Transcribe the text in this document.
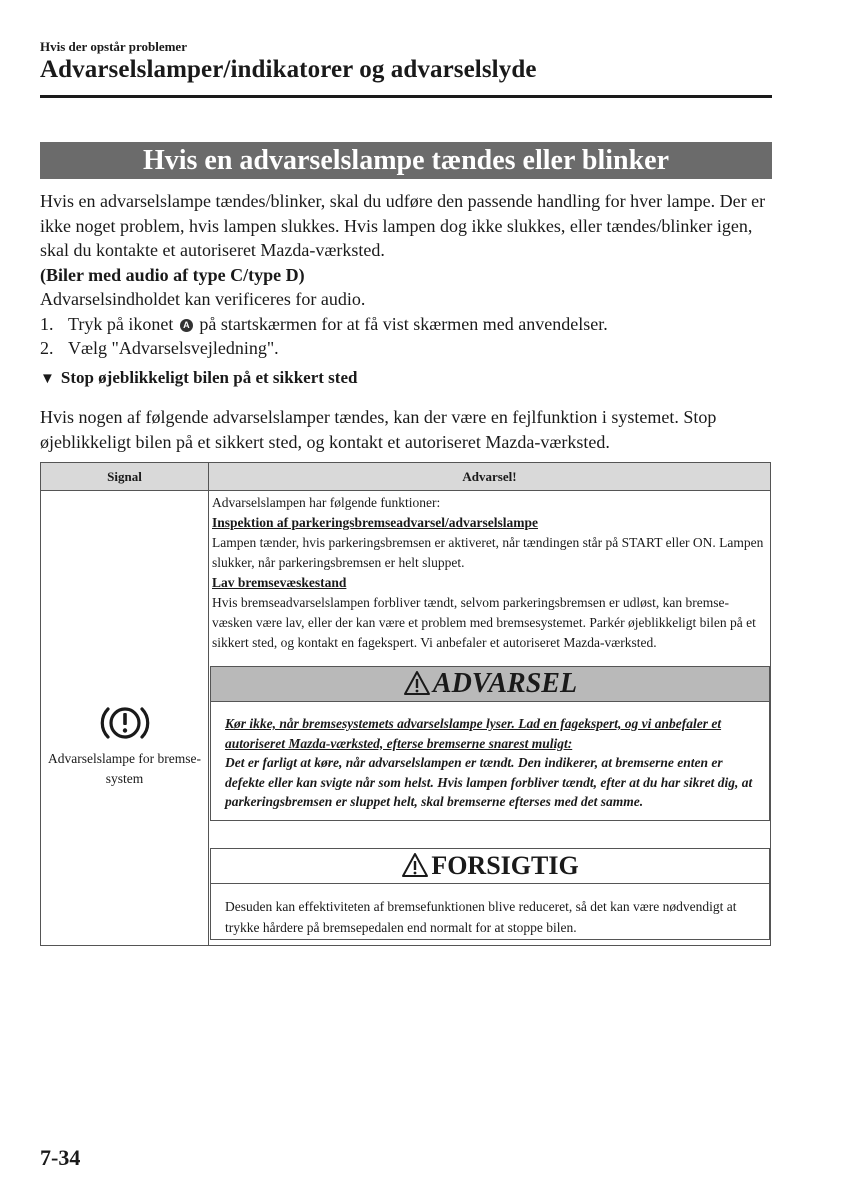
Hvis der opstår problemer
Advarselslamper/indikatorer og advarselslyde
Hvis en advarselslampe tændes eller blinker

Hvis en advarselslampe tændes/blinker, skal du udføre den passende handling for hver lampe. Der er ikke noget problem, hvis lampen slukkes. Hvis lampen dog ikke slukkes, eller tændes/blinker igen, skal du kontakte et autoriseret Mazda-værksted.

(Biler med audio af type C/type D)

Advarselsindholdet kan verificeres for audio.

1. Tryk på ikonet A på startskærmen for at få vist skærmen med anvendelser.
2. Vælg "Advarselsvejledning".
▼ Stop øjeblikkeligt bilen på et sikkert sted

Hvis nogen af følgende advarselslamper tændes, kan der være en fejlfunktion i systemet. Stop øjeblikkeligt bilen på et sikkert sted, og kontakt et autoriseret Mazda-værksted.

Signal	Advarsel!
Advarselslampe for bremse-system

Advarselslampen har følgende funktioner:

Inspektion af parkeringsbremseadvarsel/advarselslampe

Lampen tænder, hvis parkeringsbremsen er aktiveret, når tændingen står på START eller ON. Lampen slukker, når parkeringsbremsen er helt sluppet.

Lav bremsevæskestand

Hvis bremseadvarselslampen forbliver tændt, selvom parkeringsbremsen er udløst, kan bremse-væsken være lav, eller der kan være et problem med bremsesystemet. Parkér øjeblikkeligt bilen på et sikkert sted, og kontakt en fagekspert. Vi anbefaler et autoriseret Mazda-værksted.

ADVARSEL

Kør ikke, når bremsesystemets advarselslampe lyser. Lad en fagekspert, og vi anbefaler et autoriseret Mazda-værksted, efterse bremserne snarest muligt:

Det er farligt at køre, når advarselslampen er tændt. Den indikerer, at bremserne enten er defekte eller kan svigte når som helst. Hvis lampen forbliver tændt, efter at du har sikret dig, at parkeringsbremsen er sluppet helt, skal bremserne efterses med det samme.

FORSIGTIG

Desuden kan effektiviteten af bremsefunktionen blive reduceret, så det kan være nødvendigt at trykke hårdere på bremsepedalen end normalt for at stoppe bilen.

7-34
